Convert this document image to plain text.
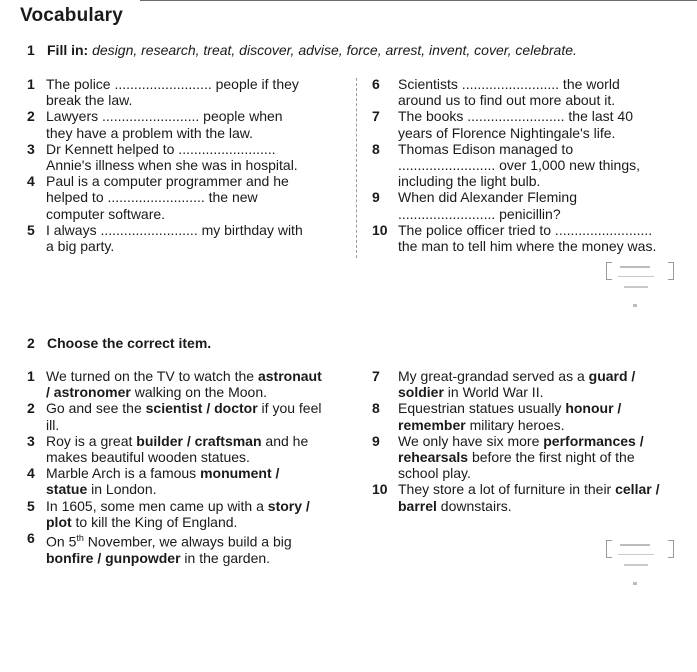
Vocabulary
1 Fill in: design, research, treat, discover, advise, force, arrest, invent, cover, celebrate.
1 The police ......................... people if they
break the law.
2 Lawyers ......................... people when
they have a problem with the law.
3 Dr Kennett helped to .........................
Annie's illness when she was in hospital.
4 Paul is a computer programmer and he
helped to ......................... the new
computer software.
5 I always ......................... my birthday with
a big party.
6 Scientists ......................... the world
around us to find out more about it.
7 The books ......................... the last 40
years of Florence Nightingale's life.
8 Thomas Edison managed to
......................... over 1,000 new things,
including the light bulb.
9 When did Alexander Fleming
......................... penicillin?
10 The police officer tried to .........................
the man to tell him where the money was.
2 Choose the correct item.
1 We turned on the TV to watch the astronaut
/ astronomer walking on the Moon.
2 Go and see the scientist / doctor if you feel
ill.
3 Roy is a great builder / craftsman and he
makes beautiful wooden statues.
4 Marble Arch is a famous monument /
statue in London.
5 In 1605, some men came up with a story /
plot to kill the King of England.
6 On 5th November, we always build a big
bonfire / gunpowder in the garden.
7 My great-grandad served as a guard /
soldier in World War II.
8 Equestrian statues usually honour /
remember military heroes.
9 We only have six more performances /
rehearsals before the first night of the
school play.
10 They store a lot of furniture in their cellar /
barrel downstairs.
